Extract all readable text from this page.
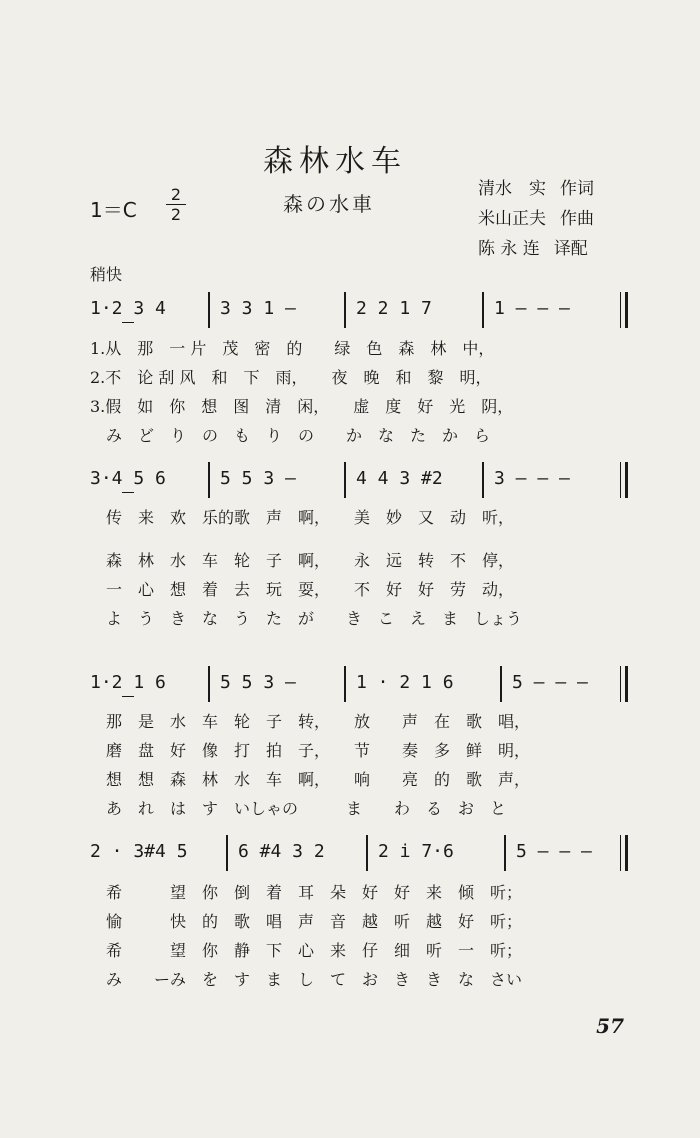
森林水车
森の水車
1＝C
2
2
清水　实 作词
米山正夫 作曲
陈 永 连 译配
稍快
1·2 3 4	3 3 1 —	2 2 1 7	1 — — —
1.从　那　一 片　茂　密　的　　绿　色　森　林　中，
2.不　论 刮 风　和　下　雨，　　夜　晚　和　黎　明，
3.假　如　你　想　图　清　闲，　　虚　度　好　光　阴，
　み　ど　り　の　も　り　の　　か　な　た　か　ら
3·4 5 6	5 5 3 —	4 4 3 #2	3 — — —
　传　来　欢　乐的歌　声　啊，　　美　妙　又　动　听，
　森　林　水　车　轮　子　啊，　　永　远　转　不　停，
　一　心　想　着　去　玩　耍，　　不　好　好　劳　动，
　よ　う　き　な　う　た　が　　き　こ　え　ま　しょう
1·2 1 6	5 5 3 —	1 · 2 1 6	5 — — —
　那　是　水　车　轮　子　转，　　放　　声　在　歌　唱，
　磨　盘　好　像　打　拍　子，　　节　　奏　多　鲜　明，
　想　想　森　林　水　车　啊，　　响　　亮　的　歌　声，
　あ　れ　は　す　いしゃの　　　ま　　わ　る　お　と
2 · 3#4 5	6 #4 3 2	2 i 7·6	5 — — —
　希　　　望　你　倒　着　耳　朵　好　好　来　倾　听；
　愉　　　快　的　歌　唱　声　音　越　听　越　好　听；
　希　　　望　你　静　下　心　来　仔　细　听　一　听；
　み　　ーみ　を　す　ま　し　て　お　き　き　な　さい
57
